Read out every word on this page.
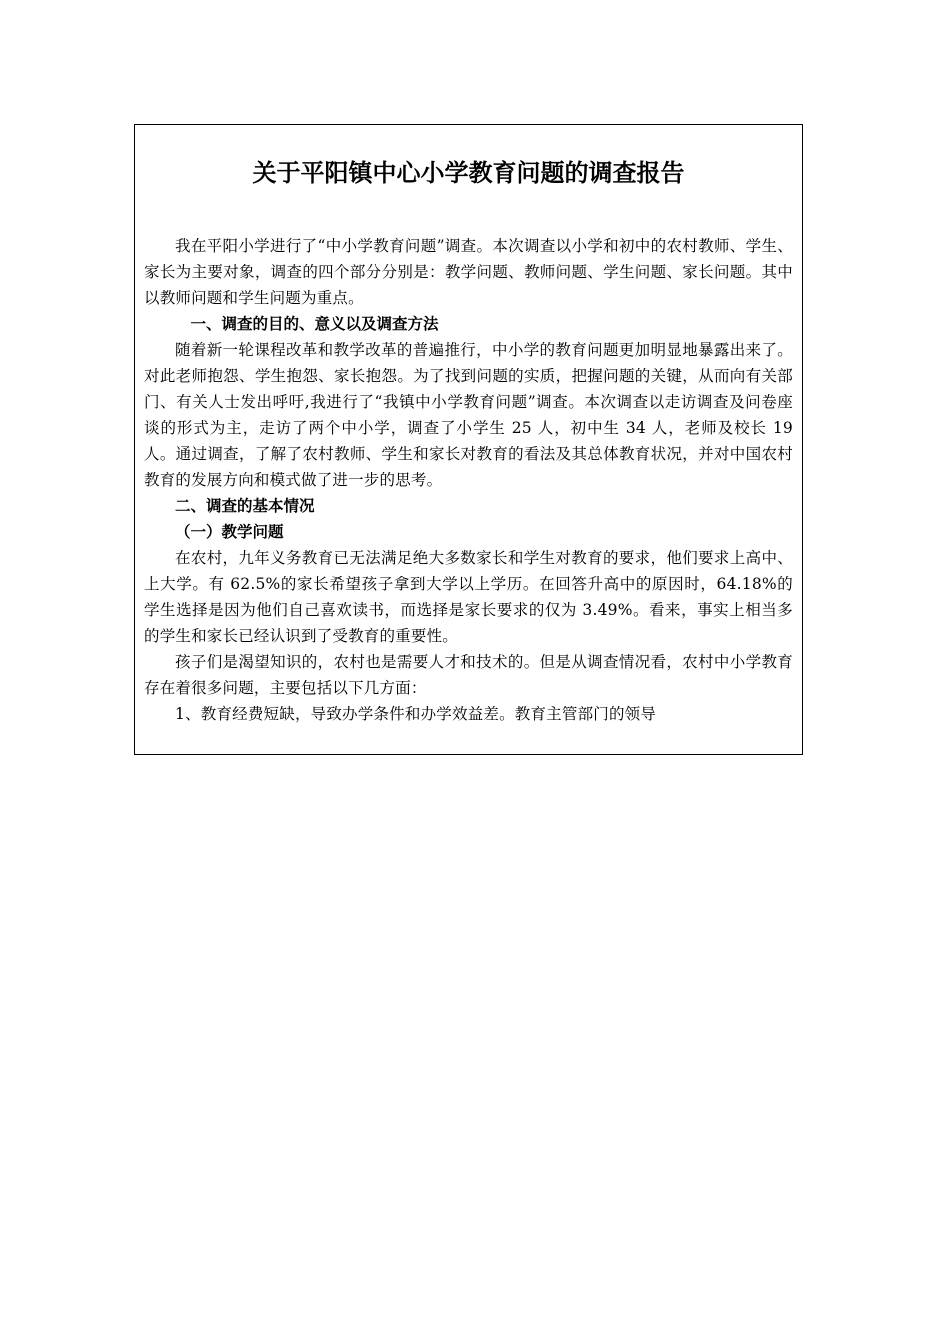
关于平阳镇中心小学教育问题的调查报告

我在平阳小学进行了“中小学教育问题”调查。本次调查以小学和初中的农村教师、学生、家长为主要对象，调查的四个部分分别是：教学问题、教师问题、学生问题、家长问题。其中以教师问题和学生问题为重点。

一、调查的目的、意义以及调查方法

随着新一轮课程改革和教学改革的普遍推行，中小学的教育问题更加明显地暴露出来了。对此老师抱怨、学生抱怨、家长抱怨。为了找到问题的实质，把握问题的关键，从而向有关部门、有关人士发出呼吁,我进行了“我镇中小学教育问题”调查。本次调查以走访调查及问卷座谈的形式为主，走访了两个中小学，调查了小学生 25 人，初中生 34 人，老师及校长 19 人。通过调查，了解了农村教师、学生和家长对教育的看法及其总体教育状况，并对中国农村教育的发展方向和模式做了进一步的思考。

二、调查的基本情况

（一）教学问题

在农村，九年义务教育已无法满足绝大多数家长和学生对教育的要求，他们要求上高中、上大学。有 62.5%的家长希望孩子拿到大学以上学历。在回答升高中的原因时，64.18%的学生选择是因为他们自己喜欢读书，而选择是家长要求的仅为 3.49%。看来，事实上相当多的学生和家长已经认识到了受教育的重要性。

孩子们是渴望知识的，农村也是需要人才和技术的。但是从调查情况看，农村中小学教育存在着很多问题，主要包括以下几方面：

1、教育经费短缺，导致办学条件和办学效益差。教育主管部门的领导
